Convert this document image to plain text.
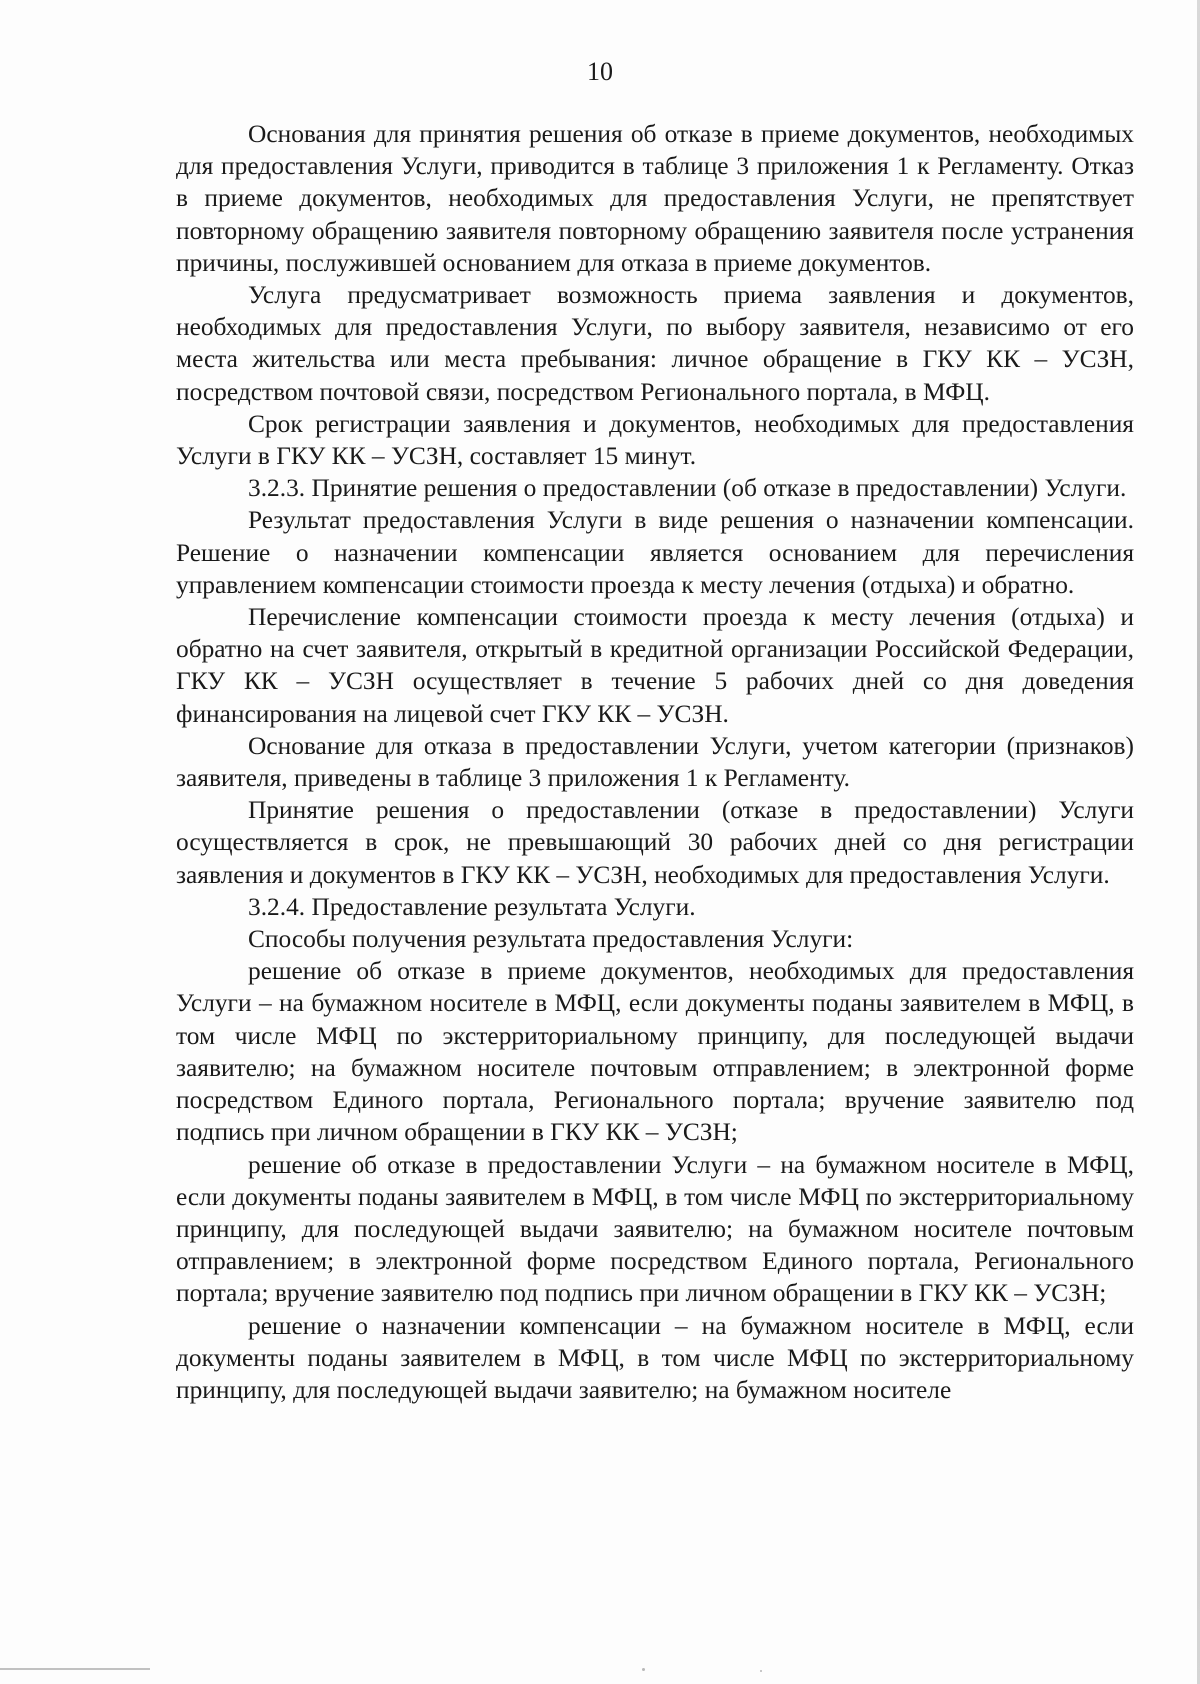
10

Основания для принятия решения об отказе в приеме документов, необходимых для предоставления Услуги, приводится в таблице 3 приложения 1 к Регламенту. Отказ в приеме документов, необходимых для предоставления Услуги, не препятствует повторному обращению заявителя повторному обращению заявителя после устранения причины, послужившей основанием для отказа в приеме документов.

Услуга предусматривает возможность приема заявления и документов, необходимых для предоставления Услуги, по выбору заявителя, независимо от его места жительства или места пребывания: личное обращение в ГКУ КК – УСЗН, посредством почтовой связи, посредством Регионального портала, в МФЦ.

Срок регистрации заявления и документов, необходимых для предоставления Услуги в ГКУ КК – УСЗН, составляет 15 минут.

3.2.3. Принятие решения о предоставлении (об отказе в предоставлении) Услуги.

Результат предоставления Услуги в виде решения о назначении компенсации. Решение о назначении компенсации является основанием для перечисления управлением компенсации стоимости проезда к месту лечения (отдыха) и обратно.

Перечисление компенсации стоимости проезда к месту лечения (отдыха) и обратно на счет заявителя, открытый в кредитной организации Российской Федерации, ГКУ КК – УСЗН осуществляет в течение 5 рабочих дней со дня доведения финансирования на лицевой счет ГКУ КК – УСЗН.

Основание для отказа в предоставлении Услуги, учетом категории (признаков) заявителя, приведены в таблице 3 приложения 1 к Регламенту.

Принятие решения о предоставлении (отказе в предоставлении) Услуги осуществляется в срок, не превышающий 30 рабочих дней со дня регистрации заявления и документов в ГКУ КК – УСЗН, необходимых для предоставления Услуги.

3.2.4. Предоставление результата Услуги.

Способы получения результата предоставления Услуги:

решение об отказе в приеме документов, необходимых для предоставления Услуги – на бумажном носителе в МФЦ, если документы поданы заявителем в МФЦ, в том числе МФЦ по экстерриториальному принципу, для последующей выдачи заявителю; на бумажном носителе почтовым отправлением; в электронной форме посредством Единого портала, Регионального портала; вручение заявителю под подпись при личном обращении в ГКУ КК – УСЗН;

решение об отказе в предоставлении Услуги – на бумажном носителе в МФЦ, если документы поданы заявителем в МФЦ, в том числе МФЦ по экстерриториальному принципу, для последующей выдачи заявителю; на бумажном носителе почтовым отправлением; в электронной форме посредством Единого портала, Регионального портала; вручение заявителю под подпись при личном обращении в ГКУ КК – УСЗН;

решение о назначении компенсации – на бумажном носителе в МФЦ, если документы поданы заявителем в МФЦ, в том числе МФЦ по экстерриториальному принципу, для последующей выдачи заявителю; на бумажном носителе
